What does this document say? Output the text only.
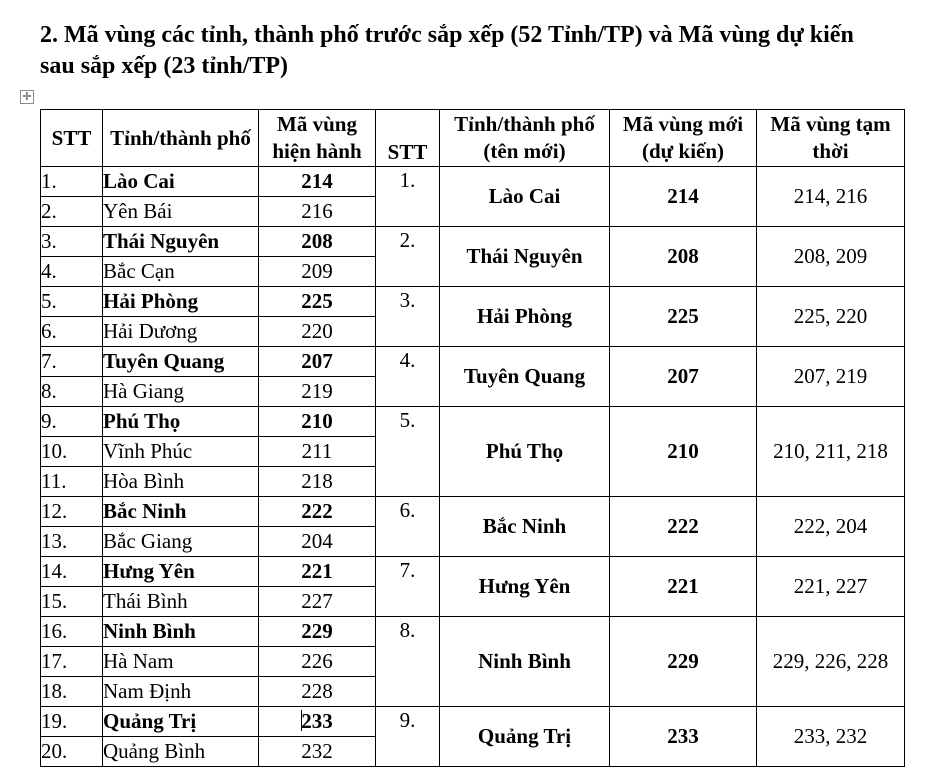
2. Mã vùng các tỉnh, thành phố trước sắp xếp (52 Tỉnh/TP) và Mã vùng dự kiến
sau sắp xếp (23 tỉnh/TP)
✛
STT	Tỉnh/thành phố	Mã vùng hiện hành	STT	Tỉnh/thành phố (tên mới)	Mã vùng mới (dự kiến)	Mã vùng tạm thời
1.	Lào Cai	214	1.	Lào Cai	214	214, 216
2.	Yên Bái	216				
3.	Thái Nguyên	208	2.	Thái Nguyên	208	208, 209
4.	Bắc Cạn	209				
5.	Hải Phòng	225	3.	Hải Phòng	225	225, 220
6.	Hải Dương	220				
7.	Tuyên Quang	207	4.	Tuyên Quang	207	207, 219
8.	Hà Giang	219				
9.	Phú Thọ	210	5.	Phú Thọ	210	210, 211, 218
10.	Vĩnh Phúc	211				
11.	Hòa Bình	218				
12.	Bắc Ninh	222	6.	Bắc Ninh	222	222, 204
13.	Bắc Giang	204				
14.	Hưng Yên	221	7.	Hưng Yên	221	221, 227
15.	Thái Bình	227				
16.	Ninh Bình	229	8.	Ninh Bình	229	229, 226, 228
17.	Hà Nam	226				
18.	Nam Định	228				
19.	Quảng Trị	233	9.	Quảng Trị	233	233, 232
20.	Quảng Bình	232				
